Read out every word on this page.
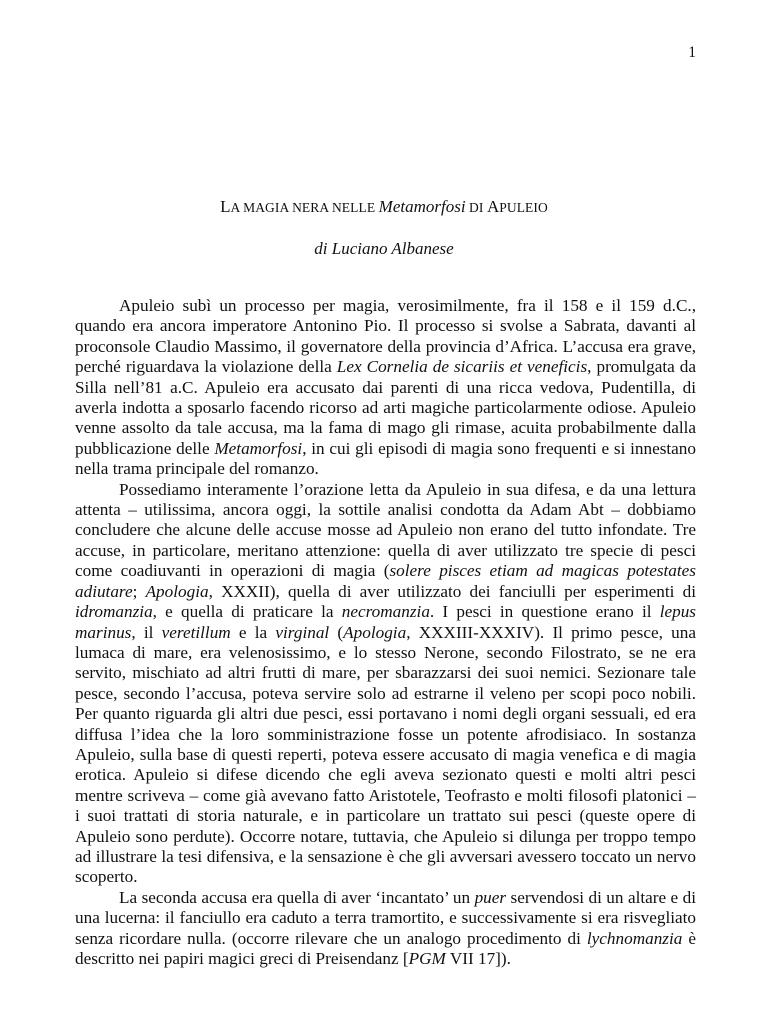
1
LA MAGIA NERA NELLE Metamorfosi DI APULEIO
di Luciano Albanese

Apuleio subì un processo per magia, verosimilmente, fra il 158 e il 159 d.C., quando era ancora imperatore Antonino Pio. Il processo si svolse a Sabrata, davanti al proconsole Claudio Massimo, il governatore della provincia d’Africa. L’accusa era grave, perché riguardava la violazione della Lex Cornelia de sicariis et veneficis, promulgata da Silla nell’81 a.C. Apuleio era accusato dai parenti di una ricca vedova, Pudentilla, di averla indotta a sposarlo facendo ricorso ad arti magiche particolarmente odiose. Apuleio venne assolto da tale accusa, ma la fama di mago gli rimase, acuita probabilmente dalla pubblicazione delle Metamorfosi, in cui gli episodi di magia sono frequenti e si innestano nella trama principale del romanzo.

Possediamo interamente l’orazione letta da Apuleio in sua difesa, e da una lettura attenta – utilissima, ancora oggi, la sottile analisi condotta da Adam Abt – dobbiamo concludere che alcune delle accuse mosse ad Apuleio non erano del tutto infondate. Tre accuse, in particolare, meritano attenzione: quella di aver utilizzato tre specie di pesci come coadiuvanti in operazioni di magia (solere pisces etiam ad magicas potestates adiutare; Apologia, XXXII), quella di aver utilizzato dei fanciulli per esperimenti di idromanzia, e quella di praticare la necromanzia. I pesci in questione erano il lepus marinus, il veretillum e la virginal (Apologia, XXXIII-XXXIV). Il primo pesce, una lumaca di mare, era velenosissimo, e lo stesso Nerone, secondo Filostrato, se ne era servito, mischiato ad altri frutti di mare, per sbarazzarsi dei suoi nemici. Sezionare tale pesce, secondo l’accusa, poteva servire solo ad estrarne il veleno per scopi poco nobili. Per quanto riguarda gli altri due pesci, essi portavano i nomi degli organi sessuali, ed era diffusa l’idea che la loro somministrazione fosse un potente afrodisiaco. In sostanza Apuleio, sulla base di questi reperti, poteva essere accusato di magia venefica e di magia erotica. Apuleio si difese dicendo che egli aveva sezionato questi e molti altri pesci mentre scriveva – come già avevano fatto Aristotele, Teofrasto e molti filosofi platonici – i suoi trattati di storia naturale, e in particolare un trattato sui pesci (queste opere di Apuleio sono perdute). Occorre notare, tuttavia, che Apuleio si dilunga per troppo tempo ad illustrare la tesi difensiva, e la sensazione è che gli avversari avessero toccato un nervo scoperto.

La seconda accusa era quella di aver ‘incantato’ un puer servendosi di un altare e di una lucerna: il fanciullo era caduto a terra tramortito, e successivamente si era risvegliato senza ricordare nulla. (occorre rilevare che un analogo procedimento di lychnomanzia è descritto nei papiri magici greci di Preisendanz [PGM VII 17]).
